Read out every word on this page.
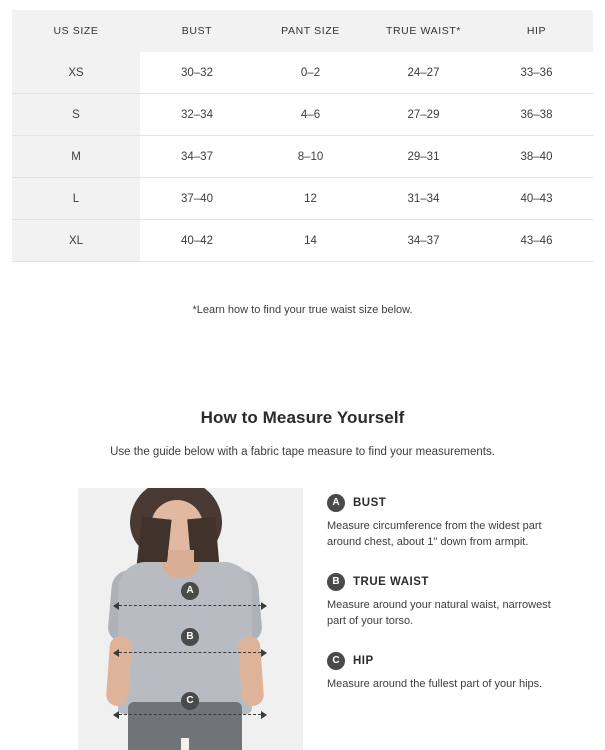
US SIZE	BUST	PANT SIZE	TRUE WAIST*	HIP
XS	30–32	0–2	24–27	33–36
S	32–34	4–6	27–29	36–38
M	34–37	8–10	29–31	38–40
L	37–40	12	31–34	40–43
XL	40–42	14	34–37	43–46
*Learn how to find your true waist size below.
How to Measure Yourself
Use the guide below with a fabric tape measure to find your measurements.
A
B
C
A	BUST
Measure circumference from the widest part around chest, about 1" down from armpit.
B	TRUE WAIST
Measure around your natural waist, narrowest part of your torso.
C	HIP
Measure around the fullest part of your hips.
